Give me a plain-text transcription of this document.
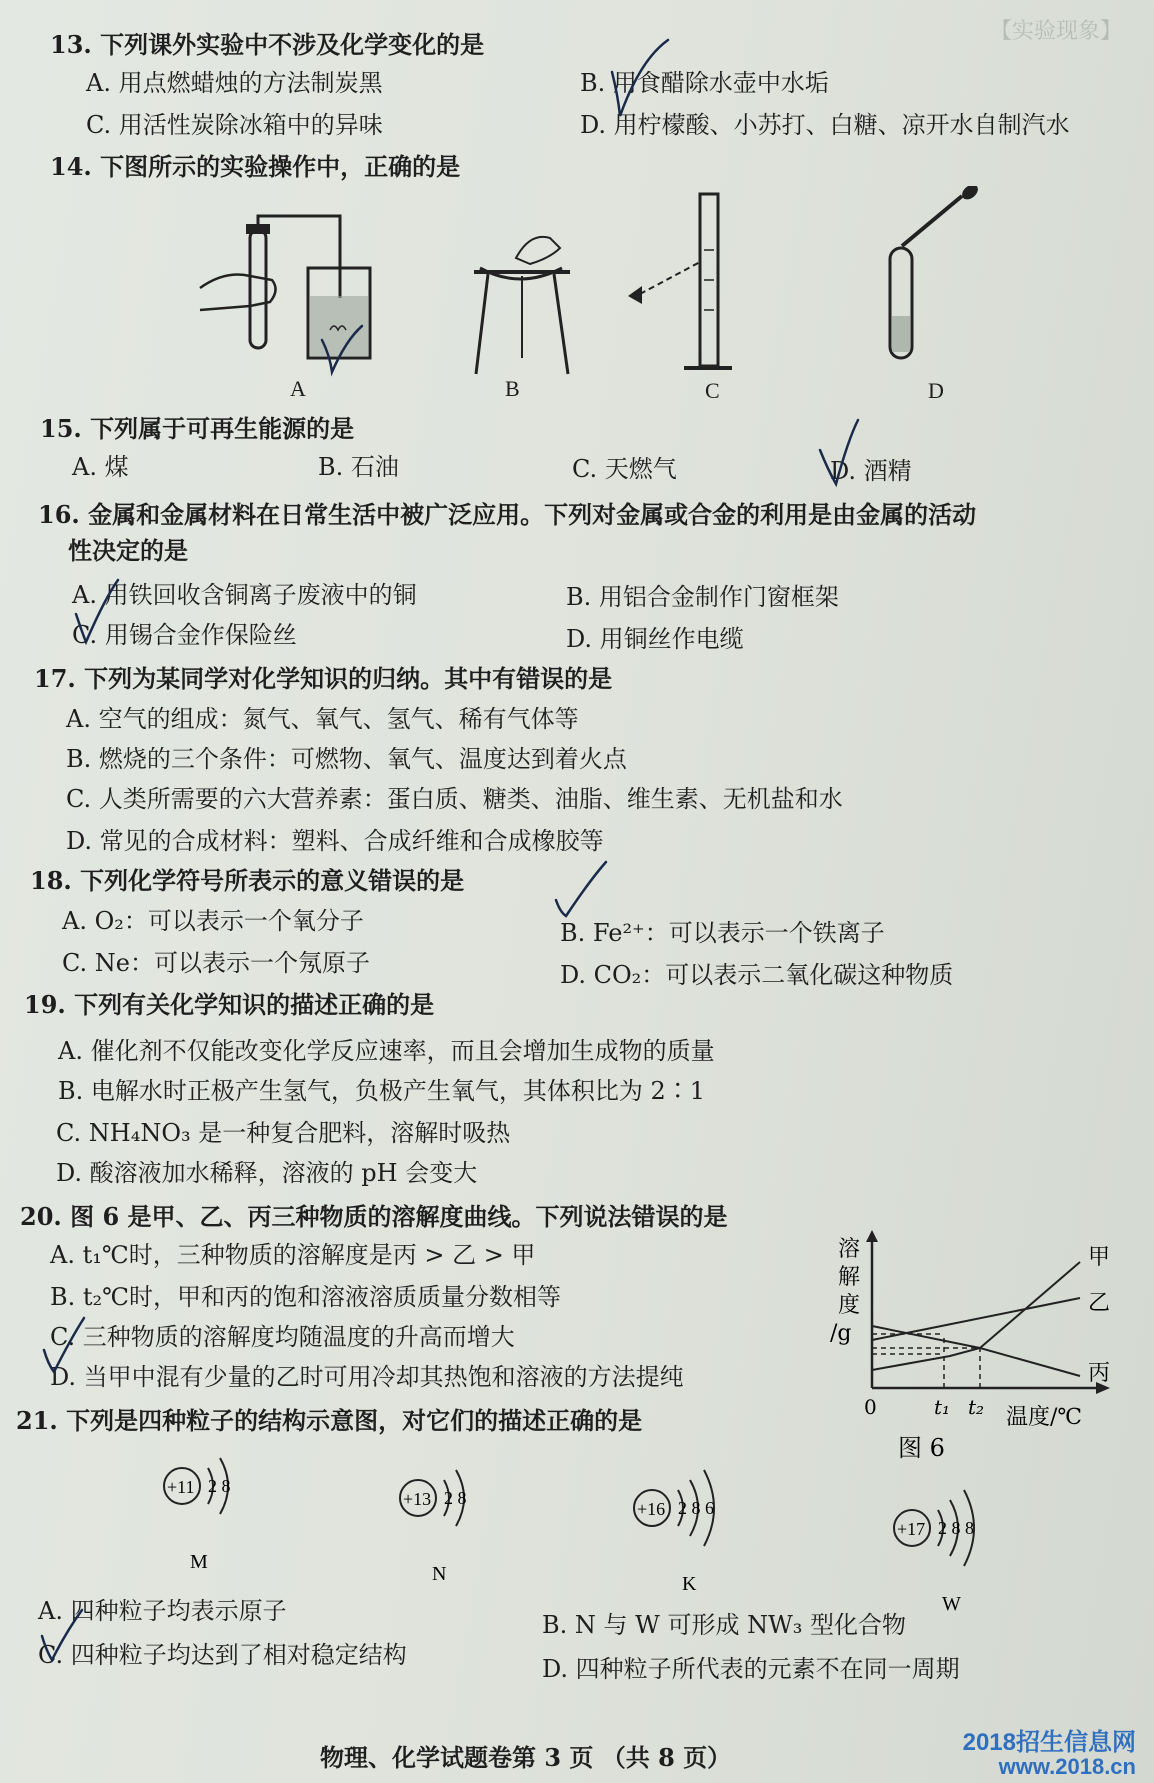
【实验现象】
13. 下列课外实验中不涉及化学变化的是
A. 用点燃蜡烛的方法制炭黑	B. 用食醋除水壶中水垢
C. 用活性炭除冰箱中的异味	D. 用柠檬酸、小苏打、白糖、凉开水自制汽水
14. 下图所示的实验操作中，正确的是
A	B	C	D
15. 下列属于可再生能源的是
A. 煤	B. 石油	C. 天燃气	D. 酒精
16. 金属和金属材料在日常生活中被广泛应用。下列对金属或合金的利用是由金属的活动
性决定的是
A. 用铁回收含铜离子废液中的铜	B. 用铝合金制作门窗框架
C. 用锡合金作保险丝	D. 用铜丝作电缆
17. 下列为某同学对化学知识的归纳。其中有错误的是
A. 空气的组成：氮气、氧气、氢气、稀有气体等
B. 燃烧的三个条件：可燃物、氧气、温度达到着火点
C. 人类所需要的六大营养素：蛋白质、糖类、油脂、维生素、无机盐和水
D. 常见的合成材料：塑料、合成纤维和合成橡胶等
18. 下列化学符号所表示的意义错误的是
A. O₂：可以表示一个氧分子	B. Fe²⁺：可以表示一个铁离子
C. Ne：可以表示一个氖原子	D. CO₂：可以表示二氧化碳这种物质
19. 下列有关化学知识的描述正确的是
A. 催化剂不仅能改变化学反应速率，而且会增加生成物的质量
B. 电解水时正极产生氢气，负极产生氧气，其体积比为 2∶1
C. NH₄NO₃ 是一种复合肥料，溶解时吸热
D. 酸溶液加水稀释，溶液的 pH 会变大
20. 图 6 是甲、乙、丙三种物质的溶解度曲线。下列说法错误的是
A. t₁℃时，三种物质的溶解度是丙 > 乙 > 甲
B. t₂℃时，甲和丙的饱和溶液溶质质量分数相等
C. 三种物质的溶解度均随温度的升高而增大
D. 当甲中混有少量的乙时可用冷却其热饱和溶液的方法提纯
溶
解
度
/g
0	t₁ t₂ 温度/℃
图 6
甲
乙
丙
21. 下列是四种粒子的结构示意图，对它们的描述正确的是
+11 2 8
M
+13 2 8
N
+16 2 8 6
K
+17 2 8 8
W
A. 四种粒子均表示原子	B. N 与 W 可形成 NW₃ 型化合物
C. 四种粒子均达到了相对稳定结构	D. 四种粒子所代表的元素不在同一周期
物理、化学试题卷第 3 页 （共 8 页）
2018招生信息网
www.2018.cn
